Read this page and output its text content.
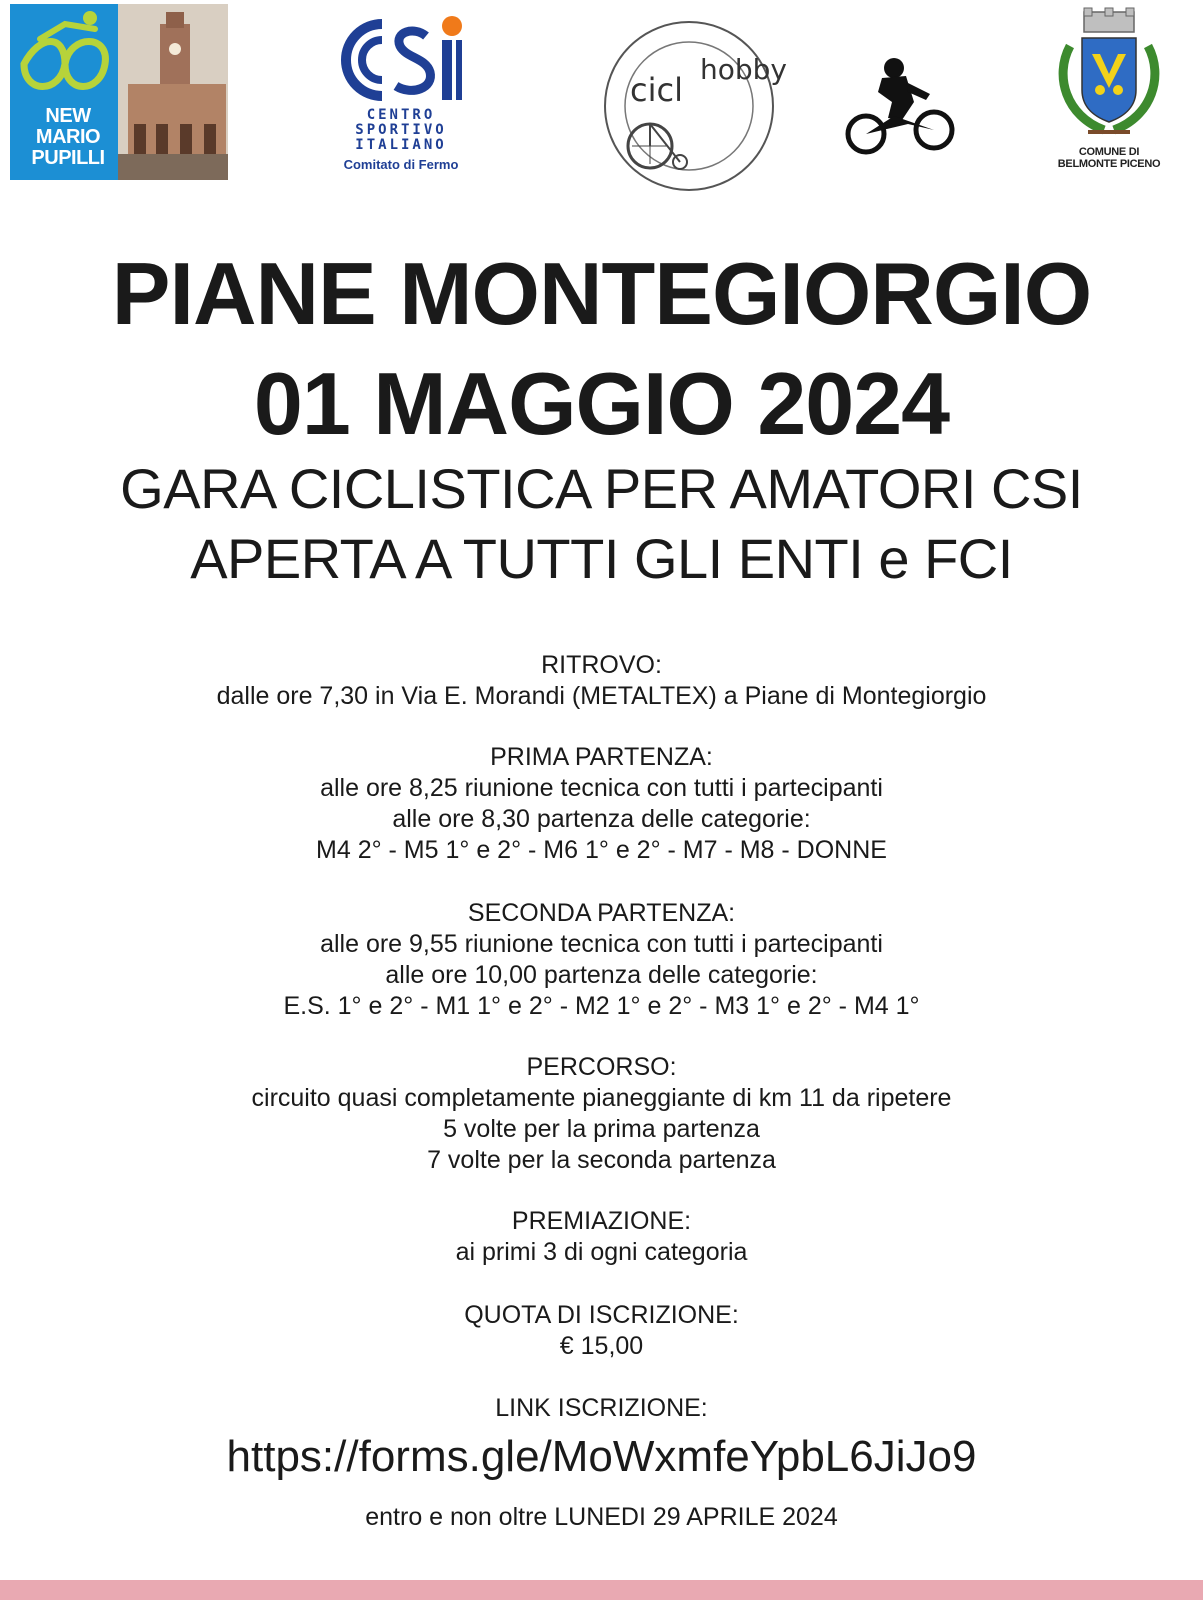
NEW
MARIO
PUPILLI
CENTRO
SPORTIVO
ITALIANO
Comitato di Fermo
cicl
hobby
COMUNE DI
BELMONTE PICENO
PIANE MONTEGIORGIO
01 MAGGIO 2024
GARA CICLISTICA PER AMATORI CSI
APERTA A TUTTI GLI ENTI e FCI
RITROVO:
dalle ore 7,30 in Via E. Morandi (METALTEX) a Piane di Montegiorgio
PRIMA PARTENZA:
alle ore 8,25 riunione tecnica con tutti i partecipanti
alle ore 8,30 partenza delle categorie:
M4 2° - M5 1° e 2° - M6 1° e 2° - M7 - M8 - DONNE
SECONDA PARTENZA:
alle ore 9,55 riunione tecnica con tutti i partecipanti
alle ore 10,00 partenza delle categorie:
E.S. 1° e 2° - M1 1° e 2° - M2 1° e 2° - M3 1° e 2° - M4 1°
PERCORSO:
circuito quasi completamente pianeggiante di km 11 da ripetere
5 volte per la prima partenza
7 volte per la seconda partenza
PREMIAZIONE:
ai primi 3 di ogni categoria
QUOTA DI ISCRIZIONE:
€ 15,00
LINK ISCRIZIONE:
https://forms.gle/MoWxmfeYpbL6JiJo9
entro e non oltre LUNEDI 29 APRILE 2024
